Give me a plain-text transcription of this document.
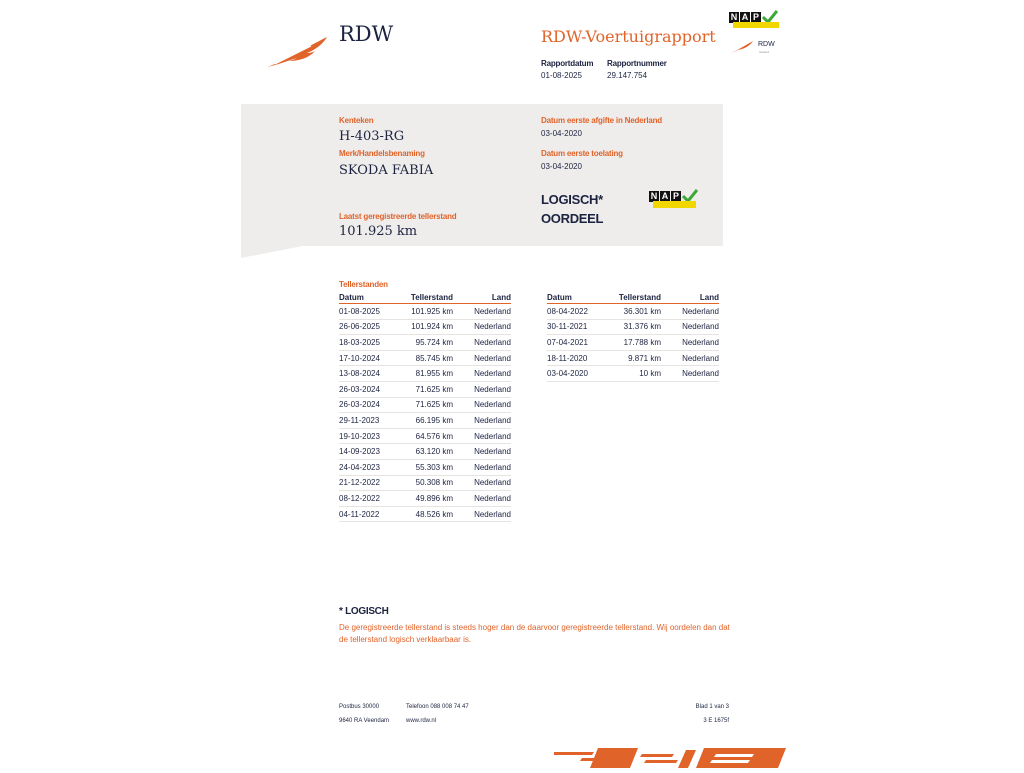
RDW	RDW-Voertuigrapport
Rapportdatum
01-08-2025
Rapportnummer
29.147.754
N A P
RDW
onkend
Kenteken
H-403-RG
Merk/Handelsbenaming
SKODA FABIA
Laatst geregistreerde tellerstand
101.925 km
Datum eerste afgifte in Nederland
03-04-2020
Datum eerste toelating
03-04-2020
LOGISCH*
OORDEEL
N A P
Tellerstanden
Datum	Tellerstand	Land
01-08-2025	101.925 km	Nederland
26-06-2025	101.924 km	Nederland
18-03-2025	95.724 km	Nederland
17-10-2024	85.745 km	Nederland
13-08-2024	81.955 km	Nederland
26-03-2024	71.625 km	Nederland
26-03-2024	71.625 km	Nederland
29-11-2023	66.195 km	Nederland
19-10-2023	64.576 km	Nederland
14-09-2023	63.120 km	Nederland
24-04-2023	55.303 km	Nederland
21-12-2022	50.308 km	Nederland
08-12-2022	49.896 km	Nederland
04-11-2022	48.526 km	Nederland
Datum	Tellerstand	Land
08-04-2022	36.301 km	Nederland
30-11-2021	31.376 km	Nederland
07-04-2021	17.788 km	Nederland
18-11-2020	9.871 km	Nederland
03-04-2020	10 km	Nederland
* LOGISCH
De geregistreerde tellerstand is steeds hoger dan de daarvoor geregistreerde tellerstand. Wij oordelen dan dat de tellerstand logisch verklaarbaar is.
Postbus 30000
9640 RA Veendam
Telefoon 088 008 74 47
www.rdw.nl
Blad 1 van 3
3 E 1675f
